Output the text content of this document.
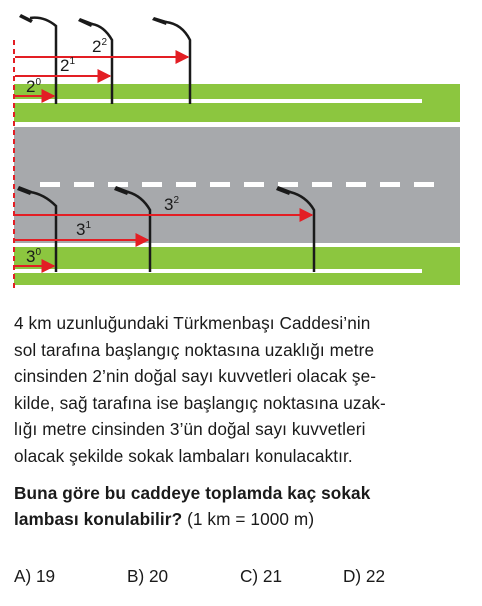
$2^2$
$2^1$
$2^0$
$3^2$
$3^1$
$3^0$

4 km uzunluğundaki Türkmenbaşı Caddesi’nin

sol tarafına başlangıç noktasına uzaklığı metre

cinsinden 2’nin doğal sayı kuvvetleri olacak şe-

kilde, sağ tarafına ise başlangıç noktasına uzak-

lığı metre cinsinden 3’ün doğal sayı kuvvetleri

olacak şekilde sokak lambaları konulacaktır.

Buna göre bu caddeye toplamda kaç sokak

lambası konulabilir? (1 km = 1000 m)

A) 19	B) 20	C) 21	D) 22
